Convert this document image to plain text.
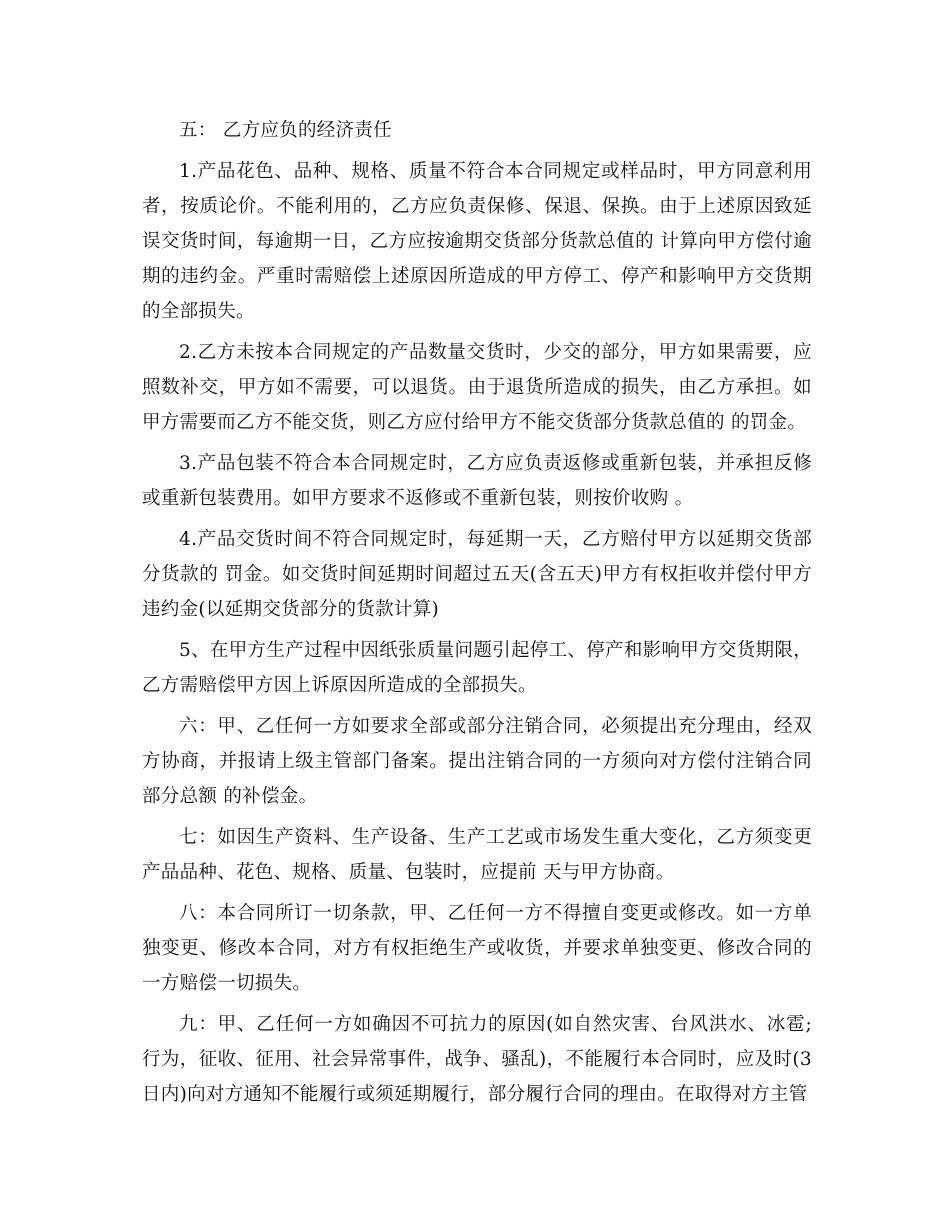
五： 乙方应负的经济责任

1.产品花色、品种、规格、质量不符合本合同规定或样品时，甲方同意利用者，按质论价。不能利用的，乙方应负责保修、保退、保换。由于上述原因致延误交货时间，每逾期一日，乙方应按逾期交货部分货款总值的 计算向甲方偿付逾期的违约金。严重时需赔偿上述原因所造成的甲方停工、停产和影响甲方交货期的全部损失。

2.乙方未按本合同规定的产品数量交货时，少交的部分，甲方如果需要，应照数补交，甲方如不需要，可以退货。由于退货所造成的损失，由乙方承担。如甲方需要而乙方不能交货，则乙方应付给甲方不能交货部分货款总值的 的罚金。

3.产品包装不符合本合同规定时，乙方应负责返修或重新包装，并承担反修或重新包装费用。如甲方要求不返修或不重新包装，则按价收购 。

4.产品交货时间不符合同规定时，每延期一天，乙方赔付甲方以延期交货部分货款的 罚金。如交货时间延期时间超过五天(含五天)甲方有权拒收并偿付甲方违约金(以延期交货部分的货款计算)

5、在甲方生产过程中因纸张质量问题引起停工、停产和影响甲方交货期限，乙方需赔偿甲方因上诉原因所造成的全部损失。

六：甲、乙任何一方如要求全部或部分注销合同，必须提出充分理由，经双方协商，并报请上级主管部门备案。提出注销合同的一方须向对方偿付注销合同部分总额 的补偿金。

七：如因生产资料、生产设备、生产工艺或市场发生重大变化，乙方须变更产品品种、花色、规格、质量、包装时，应提前 天与甲方协商。

八：本合同所订一切条款，甲、乙任何一方不得擅自变更或修改。如一方单独变更、修改本合同，对方有权拒绝生产或收货，并要求单独变更、修改合同的一方赔偿一切损失。

九：甲、乙任何一方如确因不可抗力的原因(如自然灾害、台风洪水、冰雹;行为，征收、征用、社会异常事件，战争、骚乱)，不能履行本合同时，应及时(3日内)向对方通知不能履行或须延期履行，部分履行合同的理由。在取得对方主管
